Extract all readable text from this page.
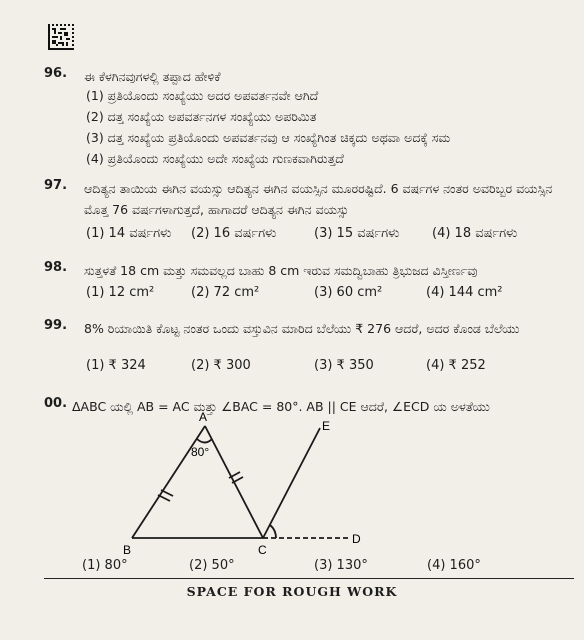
96. ಈ ಕೆಳಗಿನವುಗಳಲ್ಲಿ ತಪ್ಪಾದ ಹೇಳಿಕೆ
(1) ಪ್ರತಿಯೊಂದು ಸಂಖ್ಯೆಯು ಅದರ ಅಪವರ್ತನವೇ ಆಗಿದೆ
(2) ದತ್ತ ಸಂಖ್ಯೆಯ ಅಪವರ್ತನಗಳ ಸಂಖ್ಯೆಯು ಅಪರಿಮಿತ
(3) ದತ್ತ ಸಂಖ್ಯೆಯ ಪ್ರತಿಯೊಂದು ಅಪವರ್ತನವು ಆ ಸಂಖ್ಯೆಗಿಂತ ಚಿಕ್ಕದು ಅಥವಾ ಅದಕ್ಕೆ ಸಮ
(4) ಪ್ರತಿಯೊಂದು ಸಂಖ್ಯೆಯು ಅದೇ ಸಂಖ್ಯೆಯ ಗುಣಕವಾಗಿರುತ್ತದೆ
97. ಆದಿತ್ಯನ ತಾಯಿಯ ಈಗಿನ ವಯಸ್ಸು ಆದಿತ್ಯನ ಈಗಿನ ವಯಸ್ಸಿನ ಮೂರರಷ್ಟಿದೆ. 6 ವರ್ಷಗಳ ನಂತರ ಅವರಿಬ್ಬರ ವಯಸ್ಸಿನ ಮೊತ್ತ 76 ವರ್ಷಗಳಾಗುತ್ತದೆ, ಹಾಗಾದರೆ ಆದಿತ್ಯನ ಈಗಿನ ವಯಸ್ಸು
(1) 14 ವರ್ಷಗಳು (2) 16 ವರ್ಷಗಳು	(3) 15 ವರ್ಷಗಳು	(4) 18 ವರ್ಷಗಳು
98. ಸುತ್ತಳತೆ 18 cm ಮತ್ತು ಸಮವಲ್ಲದ ಬಾಹು 8 cm ಇರುವ ಸಮದ್ವಿಬಾಹು ತ್ರಿಭುಜದ ವಿಸ್ತೀರ್ಣವು
(1) 12 cm²	(2) 72 cm²	(3) 60 cm²	(4) 144 cm²
99. 8% ರಿಯಾಯಿತಿ ಕೊಟ್ಟ ನಂತರ ಒಂದು ವಸ್ತುವಿನ ಮಾರಿದ ಬೆಲೆಯು ₹ 276 ಆದರೆ, ಅದರ ಕೊಂಡ ಬೆಲೆಯು
(1) ₹ 324	(2) ₹ 300	(3) ₹ 350	(4) ₹ 252
00. ΔABC ಯಲ್ಲಿ AB = AC ಮತ್ತು ∠BAC = 80°. AB || CE ಆದರೆ, ∠ECD ಯ ಅಳತೆಯು
A
B	C
D
E
80°
(1) 80°	(2) 50°	(3) 130°	(4) 160°
SPACE FOR ROUGH WORK
